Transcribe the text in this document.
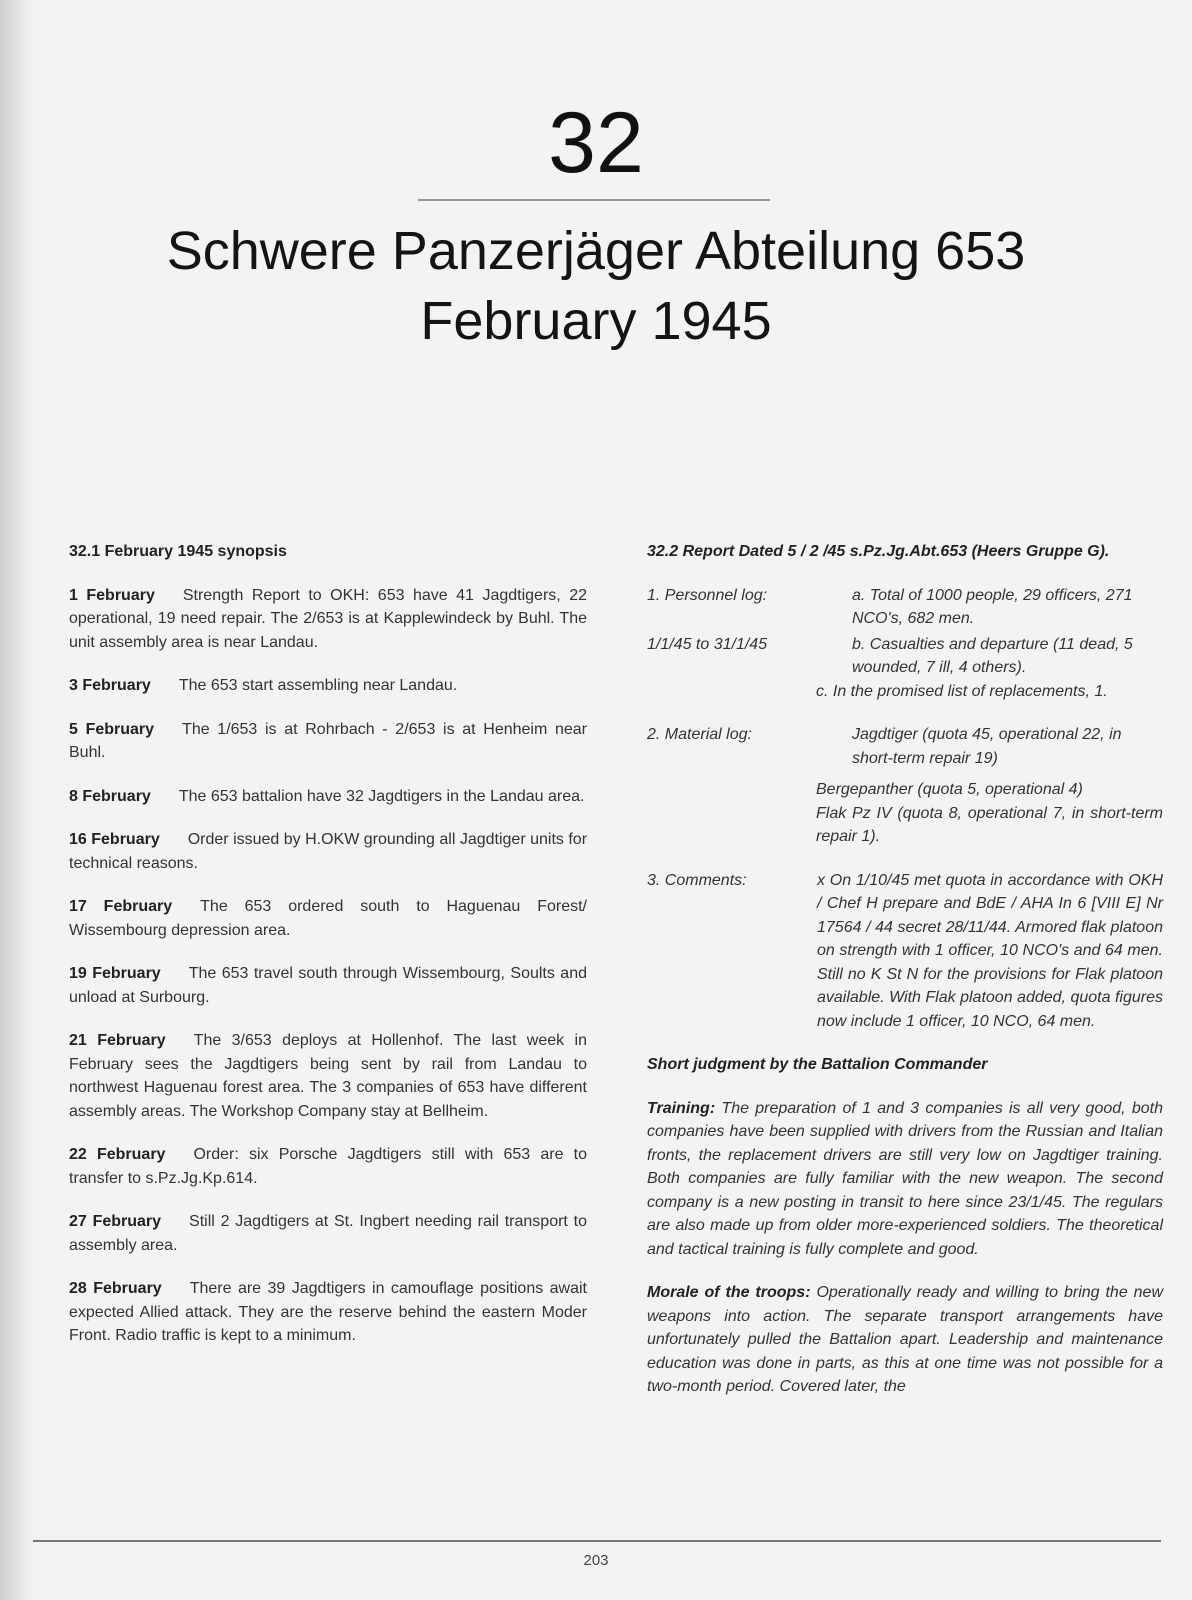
32
Schwere Panzerjäger Abteilung 653
February 1945

32.1 February 1945 synopsis

1 February Strength Report to OKH: 653 have 41 Jagdtigers, 22 operational, 19 need repair. The 2/653 is at Kapplewindeck by Buhl. The unit assembly area is near Landau.

3 February The 653 start assembling near Landau.

5 February The 1/653 is at Rohrbach - 2/653 is at Henheim near Buhl.

8 February The 653 battalion have 32 Jagdtigers in the Landau area.

16 February Order issued by H.OKW grounding all Jagdtiger units for technical reasons.

17 February The 653 ordered south to Haguenau Forest/ Wissembourg depression area.

19 February The 653 travel south through Wissembourg, Soults and unload at Surbourg.

21 February The 3/653 deploys at Hollenhof. The last week in February sees the Jagdtigers being sent by rail from Landau to northwest Haguenau forest area. The 3 companies of 653 have different assembly areas. The Workshop Company stay at Bellheim.

22 February Order: six Porsche Jagdtigers still with 653 are to transfer to s.Pz.Jg.Kp.614.

27 February Still 2 Jagdtigers at St. Ingbert needing rail transport to assembly area.

28 February There are 39 Jagdtigers in camouflage positions await expected Allied attack. They are the reserve behind the eastern Moder Front. Radio traffic is kept to a minimum.

32.2 Report Dated 5 / 2 /45 s.Pz.Jg.Abt.653 (Heers Gruppe G).

1. Personnel log:	a. Total of 1000 people, 29 officers, 271 NCO's, 682 men.
1/1/45 to 31/1/45	b. Casualties and departure (11 dead, 5 wounded, 7 ill, 4 others).

c. In the promised list of replacements, 1.

2. Material log:	Jagdtiger (quota 45, operational 22, in short-term repair 19)
Bergepanther (quota 5, operational 4)

Flak Pz IV (quota 8, operational 7, in short-term repair 1).

3. Comments:	x On 1/10/45 met quota in accordance with OKH / Chef H prepare and BdE / AHA In 6 [VIII E] Nr 17564 / 44 secret 28/11/44. Armored flak platoon on strength with 1 officer, 10 NCO's and 64 men. Still no K St N for the provisions for Flak platoon available. With Flak platoon added, quota figures now include 1 officer, 10 NCO, 64 men.

Short judgment by the Battalion Commander

Training: The preparation of 1 and 3 companies is all very good, both companies have been supplied with drivers from the Russian and Italian fronts, the replacement drivers are still very low on Jagdtiger training. Both companies are fully familiar with the new weapon. The second company is a new posting in transit to here since 23/1/45. The regulars are also made up from older more-experienced soldiers. The theoretical and tactical training is fully complete and good.

Morale of the troops: Operationally ready and willing to bring the new weapons into action. The separate transport arrangements have unfortunately pulled the Battalion apart. Leadership and maintenance education was done in parts, as this at one time was not possible for a two-month period. Covered later, the

203
